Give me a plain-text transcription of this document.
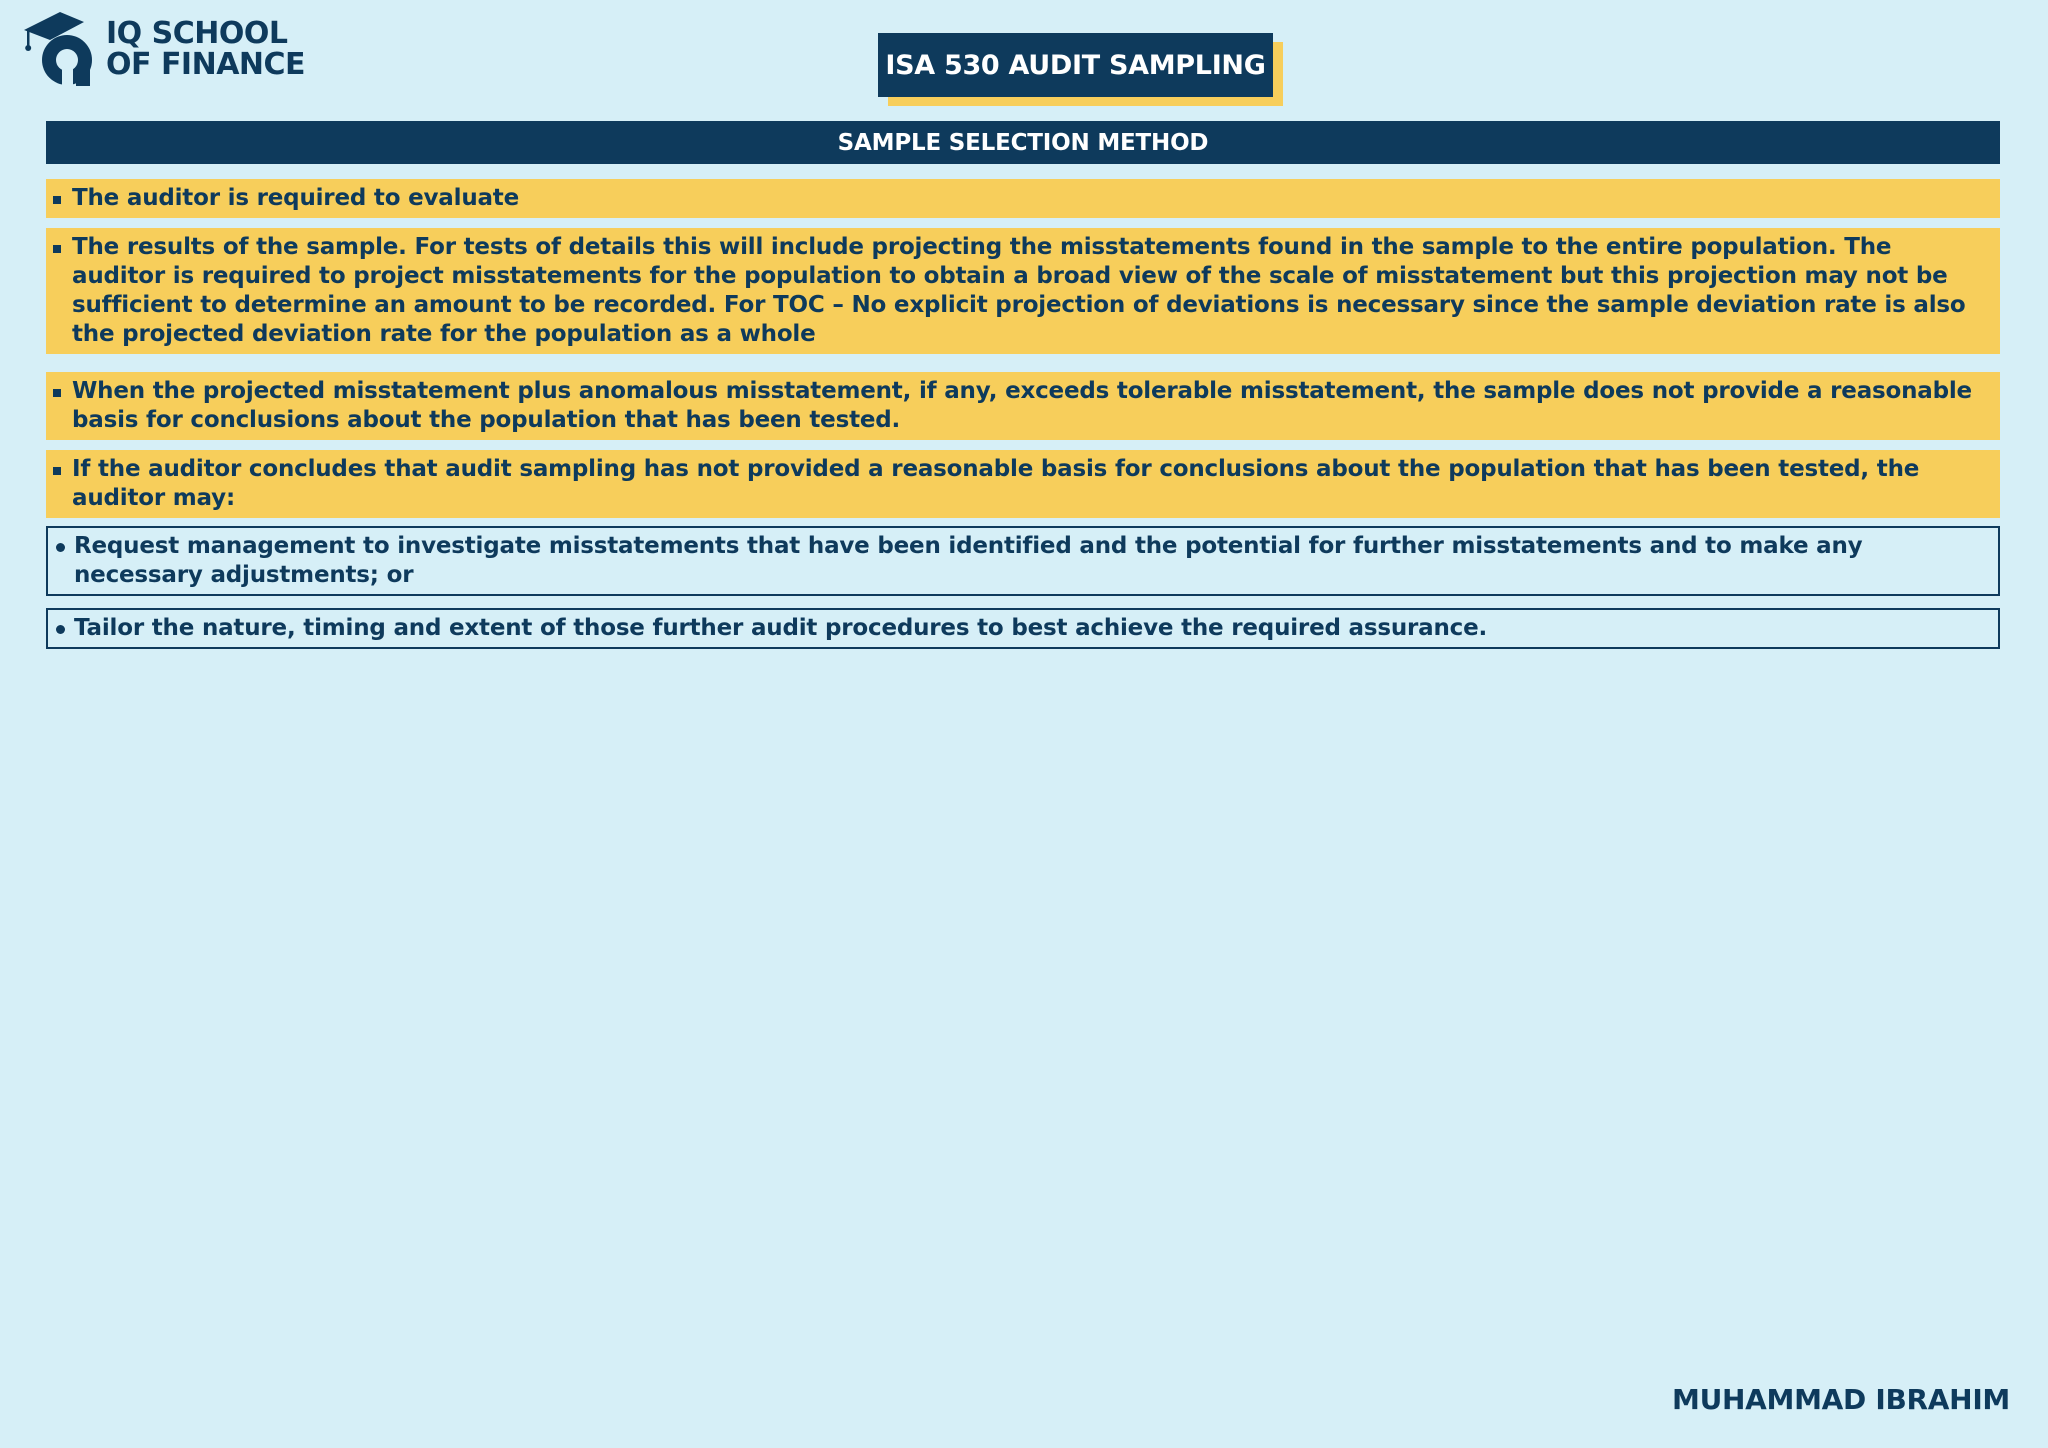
IQ SCHOOL
OF FINANCE	ISA 530 AUDIT SAMPLING
SAMPLE SELECTION METHOD
The auditor is required to evaluate
The results of the sample. For tests of details this will include projecting the misstatements found in the sample to the entire population. The auditor is required to project misstatements for the population to obtain a broad view of the scale of misstatement but this projection may not be sufficient to determine an amount to be recorded. For TOC – No explicit projection of deviations is necessary since the sample deviation rate is also the projected deviation rate for the population as a whole
When the projected misstatement plus anomalous misstatement, if any, exceeds tolerable misstatement, the sample does not provide a reasonable basis for conclusions about the population that has been tested.
If the auditor concludes that audit sampling has not provided a reasonable basis for conclusions about the population that has been tested, the auditor may:
Request management to investigate misstatements that have been identified and the potential for further misstatements and to make any necessary adjustments; or
Tailor the nature, timing and extent of those further audit procedures to best achieve the required assurance.
MUHAMMAD IBRAHIM
